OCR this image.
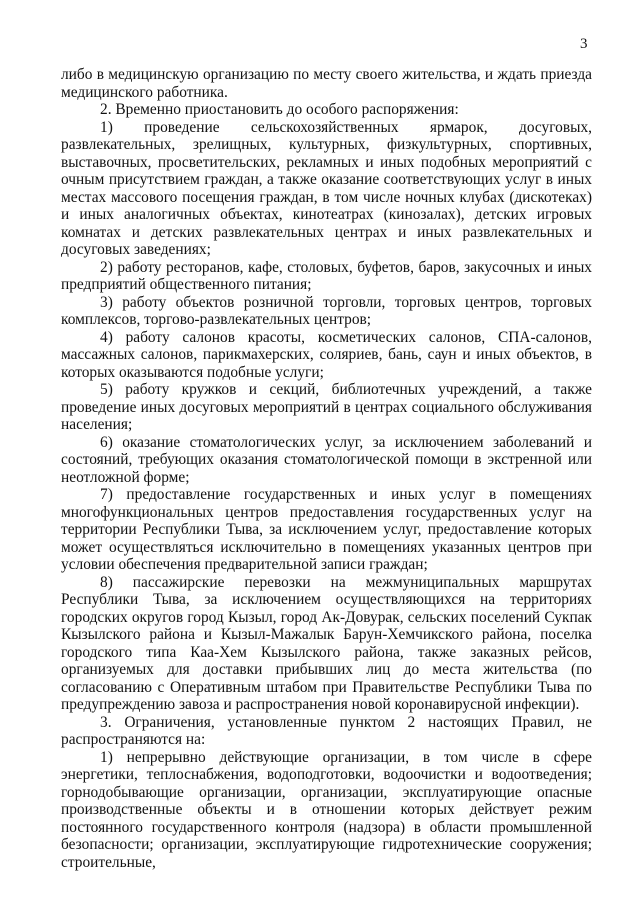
3

либо в медицинскую организацию по месту своего жительства, и ждать приезда медицинского работника.

2. Временно приостановить до особого распоряжения:

1) проведение сельскохозяйственных ярмарок, досуговых, развлекательных, зрелищных, культурных, физкультурных, спортивных, выставочных, просветительских, рекламных и иных подобных мероприятий с очным присутствием граждан, а также оказание соответствующих услуг в иных местах массового посещения граждан, в том числе ночных клубах (дискотеках) и иных аналогичных объектах, кинотеатрах (кинозалах), детских игровых комнатах и детских развлекательных центрах и иных развлекательных и досуговых заведениях;

2) работу ресторанов, кафе, столовых, буфетов, баров, закусочных и иных предприятий общественного питания;

3) работу объектов розничной торговли, торговых центров, торговых комплексов, торгово-развлекательных центров;

4) работу салонов красоты, косметических салонов, СПА-салонов, массажных салонов, парикмахерских, соляриев, бань, саун и иных объектов, в которых оказываются подобные услуги;

5) работу кружков и секций, библиотечных учреждений, а также проведение иных досуговых мероприятий в центрах социального обслуживания населения;

6) оказание стоматологических услуг, за исключением заболеваний и состояний, требующих оказания стоматологической помощи в экстренной или неотложной форме;

7) предоставление государственных и иных услуг в помещениях многофункциональных центров предоставления государственных услуг на территории Республики Тыва, за исключением услуг, предоставление которых может осуществляться исключительно в помещениях указанных центров при условии обеспечения предварительной записи граждан;

8) пассажирские перевозки на межмуниципальных маршрутах Республики Тыва, за исключением осуществляющихся на территориях городских округов город Кызыл, город Ак-Довурак, сельских поселений Сукпак Кызылского района и Кызыл-Мажалык Барун-Хемчикского района, поселка городского типа Каа-Хем Кызылского района, также заказных рейсов, организуемых для доставки прибывших лиц до места жительства (по согласованию с Оперативным штабом при Правительстве Республики Тыва по предупреждению завоза и распространения новой коронавирусной инфекции).

3. Ограничения, установленные пунктом 2 настоящих Правил, не распространяются на:

1) непрерывно действующие организации, в том числе в сфере энергетики, теплоснабжения, водоподготовки, водоочистки и водоотведения; горнодобывающие организации, организации, эксплуатирующие опасные производственные объекты и в отношении которых действует режим постоянного государственного контроля (надзора) в области промышленной безопасности; организации, эксплуатирующие гидротехнические сооружения; строительные,
